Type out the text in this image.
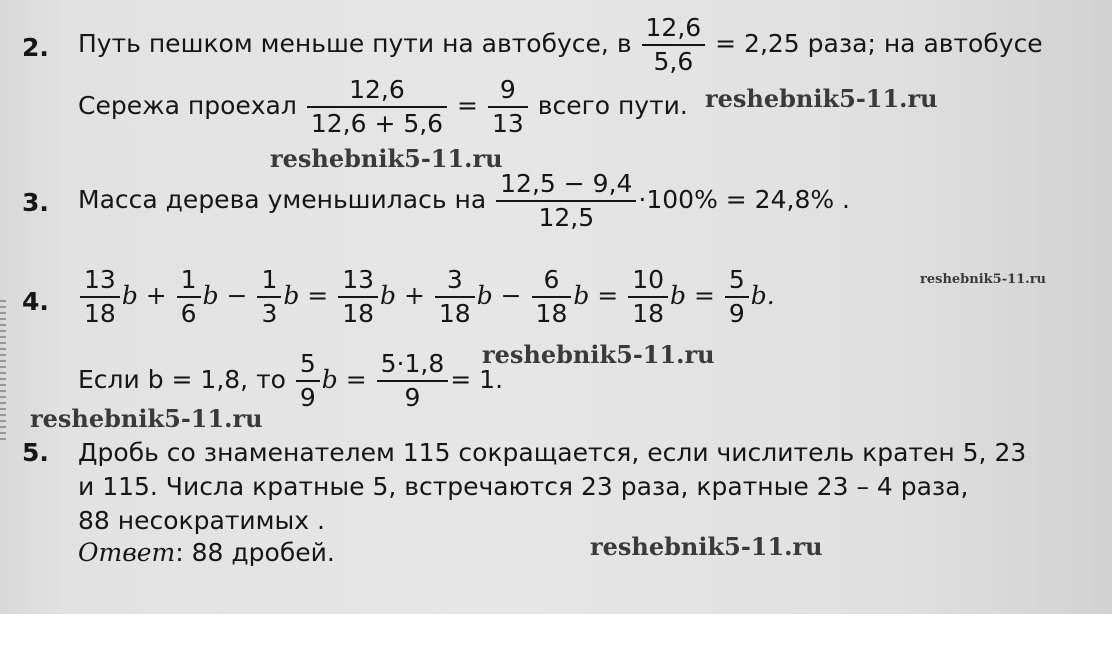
2. Путь пешком меньше пути на автобусе, в $\frac{12,6}{5,6} = 2,25$ раза; на автобусе
Сережа проехал $\frac{12,6}{12,6 + 5,6} = \frac{9}{13}$ всего пути.
3. Масса дерева уменьшилась на $\frac{12,5 - 9,4}{12,5} \cdot 100\% = 24,8\%$ .
4. $\frac{13}{18}$ $b + \frac{1}{6}$ $b - \frac{1}{3}$ $b = \frac{13}{18}$ $b + \frac{3}{18}$ $b - \frac{6}{18}$ $b = \frac{10}{18}$ $b = \frac{5}{9} b$.
Если b = 1,8, то $\frac{5}{9}$ $b = \frac{5\cdot 1,8}{9} = 1$.
5. Дробь со знаменателем 115 сокращается, если числитель кратен 5, 23
и 115. Числа кратные 5, встречаются 23 раза, кратные 23 – 4 раза,
88 несократимых .
Ответ: 88 дробей.
reshebnik5-11.ru
reshebnik5-11.ru
reshebnik5-11.ru
reshebnik5-11.ru
reshebnik5-11.ru
reshebnik5-11.ru
